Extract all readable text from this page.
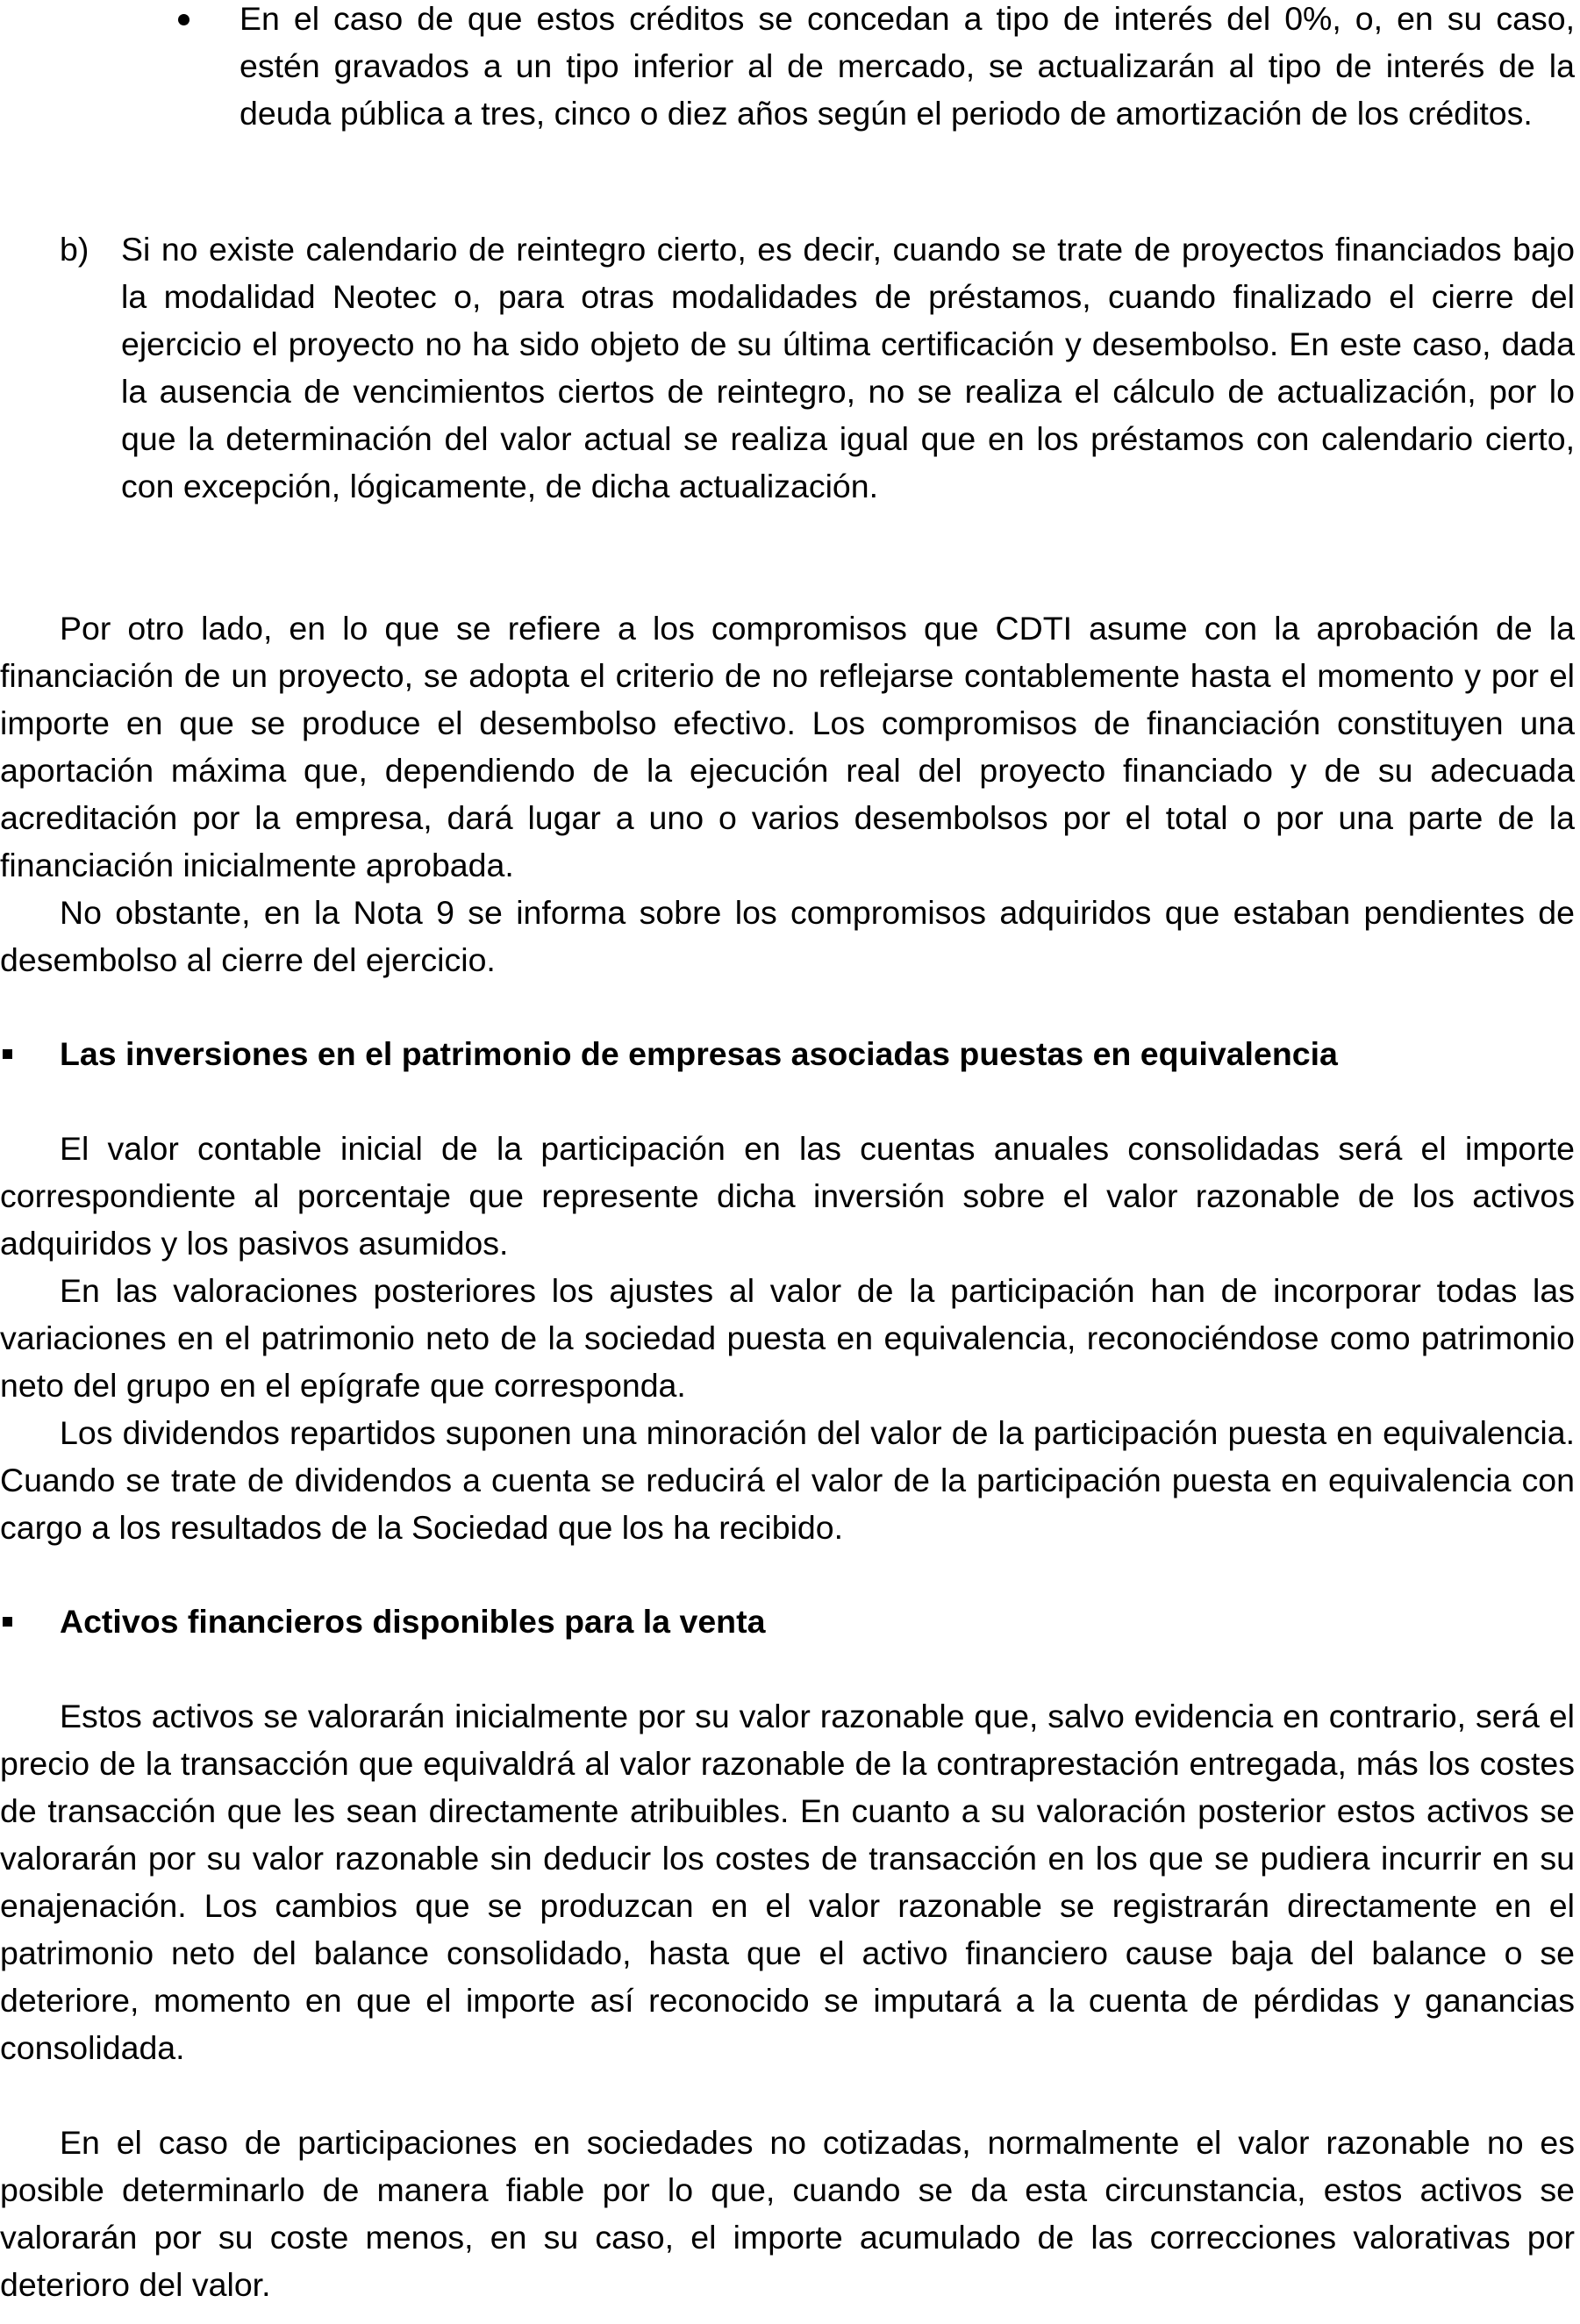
En el caso de que estos créditos se concedan a tipo de interés del 0%, o, en su caso, estén gravados a un tipo inferior al de mercado, se actualizarán al tipo de interés de la deuda pública a tres, cinco o diez años según el periodo de amortización de los créditos.

b) Si no existe calendario de reintegro cierto, es decir, cuando se trate de proyectos financiados bajo la modalidad Neotec o, para otras modalidades de préstamos, cuando finalizado el cierre del ejercicio el proyecto no ha sido objeto de su última certificación y desembolso. En este caso, dada la ausencia de vencimientos ciertos de reintegro, no se realiza el cálculo de actualización, por lo que la determinación del valor actual se realiza igual que en los préstamos con calendario cierto, con excepción, lógicamente, de dicha actualización.

Por otro lado, en lo que se refiere a los compromisos que CDTI asume con la aprobación de la financiación de un proyecto, se adopta el criterio de no reflejarse contablemente hasta el momento y por el importe en que se produce el desembolso efectivo. Los compromisos de financiación constituyen una aportación máxima que, dependiendo de la ejecución real del proyecto financiado y de su adecuada acreditación por la empresa, dará lugar a uno o varios desembolsos por el total o por una parte de la financiación inicialmente aprobada.

No obstante, en la Nota 9 se informa sobre los compromisos adquiridos que estaban pendientes de desembolso al cierre del ejercicio.

Las inversiones en el patrimonio de empresas asociadas puestas en equivalencia

El valor contable inicial de la participación en las cuentas anuales consolidadas será el importe correspondiente al porcentaje que represente dicha inversión sobre el valor razonable de los activos adquiridos y los pasivos asumidos.

En las valoraciones posteriores los ajustes al valor de la participación han de incorporar todas las variaciones en el patrimonio neto de la sociedad puesta en equivalencia, reconociéndose como patrimonio neto del grupo en el epígrafe que corresponda.

Los dividendos repartidos suponen una minoración del valor de la participación puesta en equivalencia. Cuando se trate de dividendos a cuenta se reducirá el valor de la participación puesta en equivalencia con cargo a los resultados de la Sociedad que los ha recibido.

Activos financieros disponibles para la venta

Estos activos se valorarán inicialmente por su valor razonable que, salvo evidencia en contrario, será el precio de la transacción que equivaldrá al valor razonable de la contraprestación entregada, más los costes de transacción que les sean directamente atribuibles. En cuanto a su valoración posterior estos activos se valorarán por su valor razonable sin deducir los costes de transacción en los que se pudiera incurrir en su enajenación. Los cambios que se produzcan en el valor razonable se registrarán directamente en el patrimonio neto del balance consolidado, hasta que el activo financiero cause baja del balance o se deteriore, momento en que el importe así reconocido se imputará a la cuenta de pérdidas y ganancias consolidada.

En el caso de participaciones en sociedades no cotizadas, normalmente el valor razonable no es posible determinarlo de manera fiable por lo que, cuando se da esta circunstancia, estos activos se valorarán por su coste menos, en su caso, el importe acumulado de las correcciones valorativas por deterioro del valor.
